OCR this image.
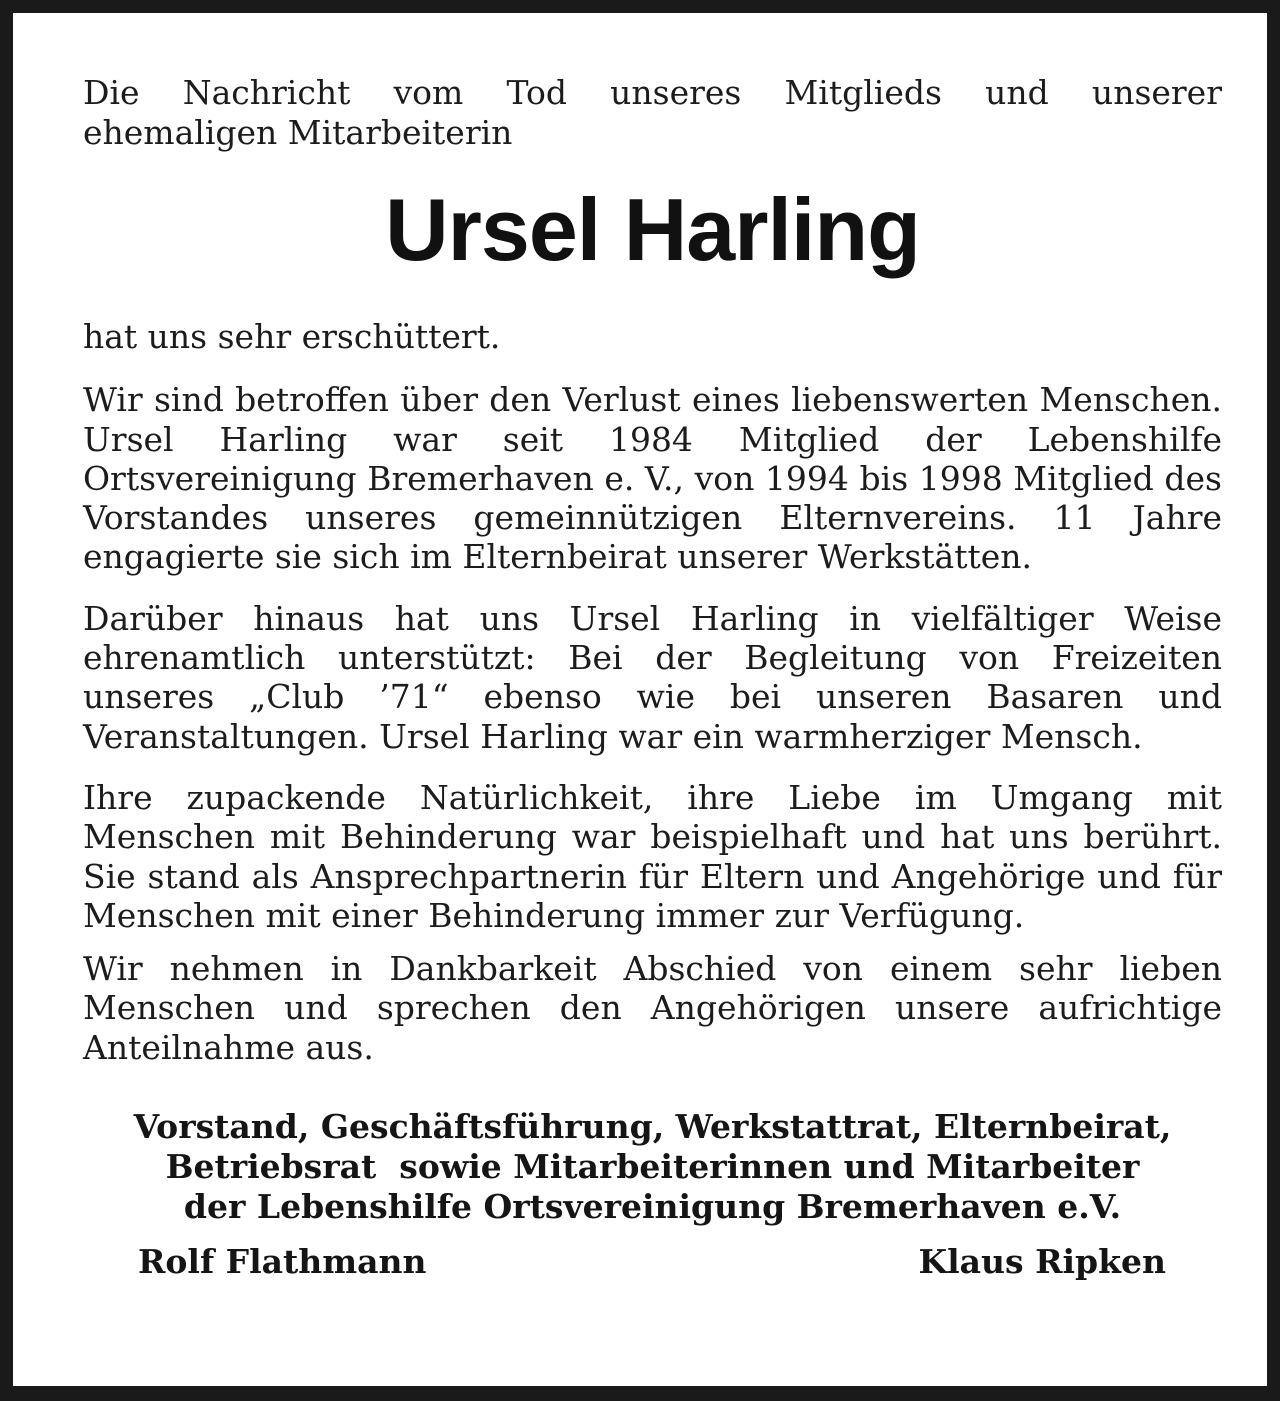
Die Nachricht vom Tod unseres Mitglieds und unserer
ehemaligen Mitarbeiterin

Ursel Harling

hat uns sehr erschüttert.

Wir sind betroffen über den Verlust eines liebenswerten Menschen. Ursel Harling war seit 1984 Mitglied der Lebenshilfe Ortsvereinigung Bremerhaven e. V., von 1994 bis 1998 Mitglied des Vorstandes unseres gemeinnützigen Elternvereins. 11 Jahre engagierte sie sich im Elternbeirat unserer Werkstätten.

Darüber hinaus hat uns Ursel Harling in vielfältiger Weise ehrenamtlich unterstützt: Bei der Begleitung von Freizeiten unseres „Club ’71“ ebenso wie bei unseren Basaren und Veranstaltungen. Ursel Harling war ein warmherziger Mensch.

Ihre zupackende Natürlichkeit, ihre Liebe im Umgang mit Menschen mit Behinderung war beispielhaft und hat uns berührt. Sie stand als Ansprechpartnerin für Eltern und Angehörige und für Menschen mit einer Behinderung immer zur Verfügung.

Wir nehmen in Dankbarkeit Abschied von einem sehr lieben Menschen und sprechen den Angehörigen unsere aufrichtige Anteilnahme aus.

Vorstand, Geschäftsführung, Werkstattrat, Elternbeirat,
Betriebsrat  sowie Mitarbeiterinnen und Mitarbeiter
der Lebenshilfe Ortsvereinigung Bremerhaven e.V.
Rolf Flathmann	Klaus Ripken
